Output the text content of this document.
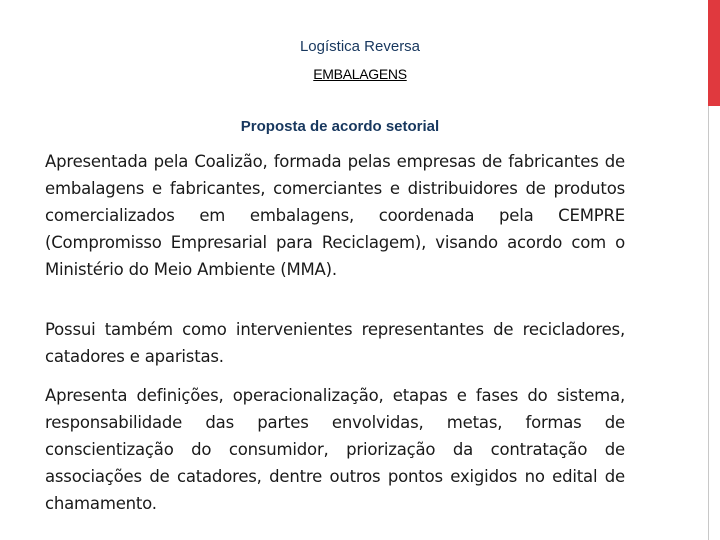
Logística Reversa
EMBALAGENS
Proposta de acordo setorial
Apresentada pela Coalizão, formada pelas empresas de fabricantes de embalagens e fabricantes, comerciantes e distribuidores de produtos comercializados em embalagens, coordenada pela CEMPRE (Compromisso Empresarial para Reciclagem), visando acordo com o Ministério do Meio Ambiente (MMA).
Possui também como intervenientes representantes de recicladores, catadores e aparistas.
Apresenta definições, operacionalização, etapas e fases do sistema, responsabilidade das partes envolvidas, metas, formas de conscientização do consumidor, priorização da contratação de associações de catadores, dentre outros pontos exigidos no edital de chamamento.
